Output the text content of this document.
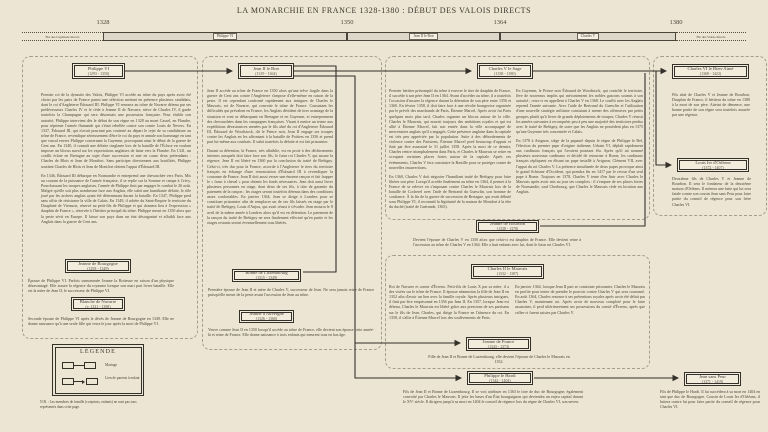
LA MONARCHIE EN FRANCE 1328-1380 : DÉBUT DES VALOIS DIRECTS
1328	1350	1364	1380
Fin des Capétiens directs	Philippe VI	Jean II le Bon	Charles V	Fin des Valois directs
Philippe VI
(1293 - 1350)
Jean II le Bon
(1319 - 1364)
Charles V le Sage
(1338 - 1380)
Charles VI le Bien-Aimé
(1368 - 1422)
Louis Ier d'Orléans
(1372 - 1407)
Jeanne de Bourgogne
(1293 - 1349)
Blanche de Navarre
(v. 1331 - 1398)
Bonne de Luxembourg
(1315 - 1349)
Jeanne d'Auvergne
(1326 - 1360)
Jeanne de Bourbon
(1338 - 1378)
Charles II le Mauvais
(1332 - 1387)
Jeanne de France
(1343 - 1373)
Philippe le Hardi
(1342 - 1404)
Jean sans Peur
(1371 - 1419)

Premier roi de la dynastie des Valois, Philippe VI accède au trône du pays après avoir été choisi par les pairs de France parmi une sélection mettant en présence plusieurs candidats, dont le roi d'Angleterre Édouard III. Philippe VI renonce au trône de Navarre détenu par ses prédécesseurs Charles IV et le cède à Jeanne II de Navarre, nièce de Charles IV, il garde toutefois la Champagne qui sera désormais une possession française. Pour établir son autorité, Philippe intervient dès le début de son règne en 1328 au mont Cassel, en Flandre, pour réprimer l'armée flamande qui s'était rebellée contre son comte Louis de Nevers. En 1337, Édouard III, qui n'avait pourtant pas contesté au départ le rejet de sa candidature au trône de France, revendique sérieusement d'être le roi du pays et annule son hommage en tant que vassal envers Philippe concernant la Guyenne, provoquant ainsi le début de la guerre de Cent ans. En 1340, il connaît une défaite cinglante lors de la bataille de l'Écluse en voulant imposer un blocus naval sur les exportations anglaises de laine vers la Flandre. En 1341, un conflit éclate en Bretagne au sujet d'une succession et met en cause deux prétendants : Charles de Blois et Jean de Montfort. Sans participer directement aux hostilités, Philippe soutient Charles de Blois et Jean de Montfort obtient l'appui d'Édouard III.

En 1346, Édouard III débarque en Normandie et entreprend une chevauchée vers Paris. Mis au courant de la puissance de l'armée française, il se replie sur la Somme et campe à Crécy. Pourchassant les troupes anglaises, l'armée de Philippe finit par engager le combat le 26 août. Malgré qu'elle soit plus nombreuse face aux Anglais, elle subit une humiliante défaite, le rôle joué par les archers anglais ayant été déterminant durant la bataille. En 1347, Philippe perd sans offrir de résistance la ville de Calais. En 1349, il achète du Saint-Empire le territoire du Dauphiné de Viennois, réservé au petit-fils de Philippe et qui donnera lieu à l'expression « dauphin de France », réservée à l'héritier principal du trône. Philippe meurt en 1350 alors que la peste sévit en Europe. Il laisse son pays dans un état désorganisé et affaibli face aux Anglais dans la guerre de Cent ans.

Jean II accède au trône de France en 1350 alors qu'une trêve fragile dans la guerre de Cent ans contre l'Angleterre s'impose d'elle-même en raison de la peste. Il est cependant confronté rapidement aux intrigues de Charles le Mauvais, roi de Navarre, qui convoite le trône de France. Constatant les difficultés qui prévalent en France, les Anglais décident de tirer avantage de la situation et vont se débarquant en Bretagne et en Guyenne, et entreprennent des chevauchées dans les campagnes françaises. Visant à mettre un terme aux expéditions dévastatrices menées par le fils aîné du roi d'Angleterre Édouard III, Édouard de Woodstock, dit le Prince noir, Jean II engage ses troupes contre les Anglais en les affrontant à la bataille de Poitiers en 1356 et prend part lui-même aux combats. Il subit toutefois la défaite et est fait prisonnier.

Durant sa détention, la France, très affaiblie, est en proie à des déchirements internes auxquels doit faire face son fils, le futur roi Charles V, qui assure la régence. Jean II est libéré en 1360 par la conclusion du traité de Brétigny. Celui-ci, très dur pour la France, accorde à l'Angleterre le tiers du territoire français en échange d'une renonciation d'Édouard III à revendiquer la couronne de France. Jean II doit aussi verser une énorme rançon et fait frapper le « franc à cheval » pour obtenir les fonds nécessaires. Jean doit aussi livrer plusieurs personnes en otage, dont deux de ses fils, à titre de garantie du paiement de la rançon ; les otages seront toutefois détenus dans des conditions assez confortables. En janvier 1364, Jean se dirige à Londres pour se constituer prisonnier afin de remplacer un de ses fils laissés en otage par le traité de Brétigny, Louis d'Anjou, qui avait réussi à s'évader. Jean mourra le 8 avril de la même année à Londres alors qu'il est en détention. Le paiement de la rançon du traité de Brétigny ne sera finalement effectué qu'en partie et les otages restants seront éventuellement tous libérés.

Premier héritier présomptif du trône à exercer le titre de dauphin de France, il succède à son père Jean II en 1364. Avant d'accéder au trône, il a toutefois l'occasion d'assurer la régence durant la détention de son père entre 1356 et 1360. En février 1358, il doit faire face à une révolte bourgeoise organisée par le prévôt des marchands de Paris, Étienne Marcel. Après avoir fui Paris quelques mois plus tard, Charles organise un blocus autour de la ville. Charles le Mauvais, qui nourrit toujours des ambitions royales et qui est allié à Étienne Marcel, fait son entrée dans la ville accompagné de mercenaires anglais qu'il a engagés. Cette présence anglaise dans la capitale est très peu appréciée par la population. Suite à des débordements de violence contre des Parisiens, Étienne Marcel perd beaucoup d'appuis et finit par être assassiné le 31 juillet 1358. Après la mort de ce dernier, Charles rentre triomphalement dans Paris, et Charles le Mauvais se retire en occupant certaines places fortes autour de la capitale. Après ces événements, Charles V fera construire la Bastille pour se protéger contre de nouvelles insurrections.

En 1360, Charles V doit négocier l'humiliant traité de Brétigny pour faire libérer son père. Lorsqu'il accède finalement au trône en 1364, il permet à la France de se relever en s'imposant contre Charles le Mauvais lors de la bataille de Cocherel avec l'aide de Bertrand du Guesclin, son homme de confiance. À la fin de la guerre de succession de Bretagne, qui avait débuté sous Philippe VI, il reconnaît la légitimité de la maison de Montfort à la tête du duché (traité de Guérande, 1365).

En Guyenne, le Prince noir Édouard de Woodstock, qui contrôle le territoire, lève de nouveaux impôts qui mécontentent les nobles gascons soumis à son autorité ; ceux-ci en appellent à Charles V en 1368. Le conflit avec les Anglais reprend l'année suivante. Avec l'aide de Bertrand du Guesclin et l'utilisation d'une nouvelle stratégie militaire consistant à mener des offensives par petits groupes plutôt qu'à livrer de grands déploiements de troupes, Charles V réussit les années suivantes à reconquérir peu à peu une majorité des territoires perdus avec le traité de Brétigny, de sorte que les Anglais ne possèdent plus en 1375 qu'une Guyenne très concentrée et Calais.

En 1378 à Avignon, siège de la papauté depuis le règne de Philippe le Bel, l'élection du premier pape d'origine italienne, Urbain VI, déplaît rapidement aux cardinaux français qui l'avaient pourtant élu. Après qu'il ait nommé plusieurs nouveaux cardinaux et décidé de retourner à Rome, les cardinaux français répliquent en élisant un pape installé à Avignon, Clément VII, avec l'appui du roi Charles V. La présence simultanée de deux papes provoque ainsi le grand Schisme d'Occident, qui prendra fin en 1417 par le retour d'un seul pape à Rome. Toujours en 1378, Charles V tente d'en finir avec Charles le Mauvais après avoir mis au jour ses complots : il s'empare de ses places fortes de Normandie, sauf Cherbourg, que Charles le Mauvais cède en location aux Anglais.

Fils aîné de Charles V et Jeanne de Bourbon, Dauphin de France, il héritera du trône en 1380 à la mort de son père. Atteint de démence, une bonne partie de son règne sera toutefois assurée par une régence.

Deuxième fils de Charles V et Jeanne de Bourbon. Il sera le fondateur de la deuxième maison d'Orléans. Il mènera une lutte qui lui sera fatale contre son cousin Jean sans Peur pour faire partie du conseil de régence pour son frère Charles VI.

Épouse de Philippe VI. Parfois surnommée Jeanne la Boiteuse en raison d'un physique désavantagé. Elle assure la régence du royaume lorsque son mari part livrer bataille. Elle est la mère de Jean II, le successeur de Philippe VI.

Seconde épouse de Philippe VI après le décès de Jeanne de Bourgogne en 1349. Elle ne donne naissance qu'à une seule fille qui verra le jour après la mort de Philippe VI.

Première épouse de Jean II et mère de Charles V, successeur de Jean. Ne sera jamais reine de France puisqu'elle meurt de la peste avant l'accession de Jean au trône.

Veuve comme Jean II en 1350 lorsqu'il accède au trône de France, elle devient son épouse cette année-là et reine de France. Elle donne naissance à trois enfants qui meurent tous en bas âge.

Devient l'épouse de Charles V en 1350 alors que celui-ci est dauphin de France. Elle devient reine à l'accession au trône de Charles V en 1364. Elle a huit enfants avec lui, dont le futur roi Charles VI.

Roi de Navarre et comte d'Évreux. Petit-fils de Louis X par sa mère, il a des visées sur le trône de France. Il épouse néanmoins la fille de Jean II en 1352 afin d'avoir un lien avec la famille royale. Après plusieurs intrigues, il finit par être emprisonné en 1356 par Jean II. En 1357, lorsque Jean est détenu, Charles le Mauvais est libéré grâce aux pressions de ses partisans sur le fils de Jean, Charles, qui dirige la France en l'absence du roi. En 1358, il s'allie à Étienne Marcel lors des soulèvements de Paris.

En janvier 1364, lorsque Jean II part se constituer prisonnier, Charles le Mauvais en profite pour tenter de prendre le pouvoir contre Charles V qui sera couronné. En août 1364, Charles renonce à ses prétentions royales après avoir été défait par Charles V, maintenant roi. Après avoir de nouveau comploté pour le faire assassiner, il perd ultérieurement ses possessions du comté d'Évreux, après que celles-ci furent saisies par Charles V.

Fille de Jean II et Bonne de Luxembourg, elle devient l'épouse de Charles le Mauvais en 1352.

Fils de Jean II et Bonne de Luxembourg. Il se voit attribuer en 1363 le titre de duc de Bourgogne, également convoité par Charles le Mauvais. Il jette les bases d'un État bourguignon qui deviendra un enjeu capital durant le XVᵉ siècle. Il dirigera jusqu'à sa mort en 1404 le conseil de régence lors du règne de Charles VI, son neveu.

Fils de Philippe le Hardi. Il lui succédera à sa mort en 1404 en tant que duc de Bourgogne. Cousin de Louis Ier d'Orléans, il luttera contre lui pour faire partie du conseil de régence pour Charles VI.

LÉGENDE
Mariage
Lien de parents à enfant
N.B. : Les membres de famille (conjoints, enfants) ne sont pas tous représentés dans cette page.
